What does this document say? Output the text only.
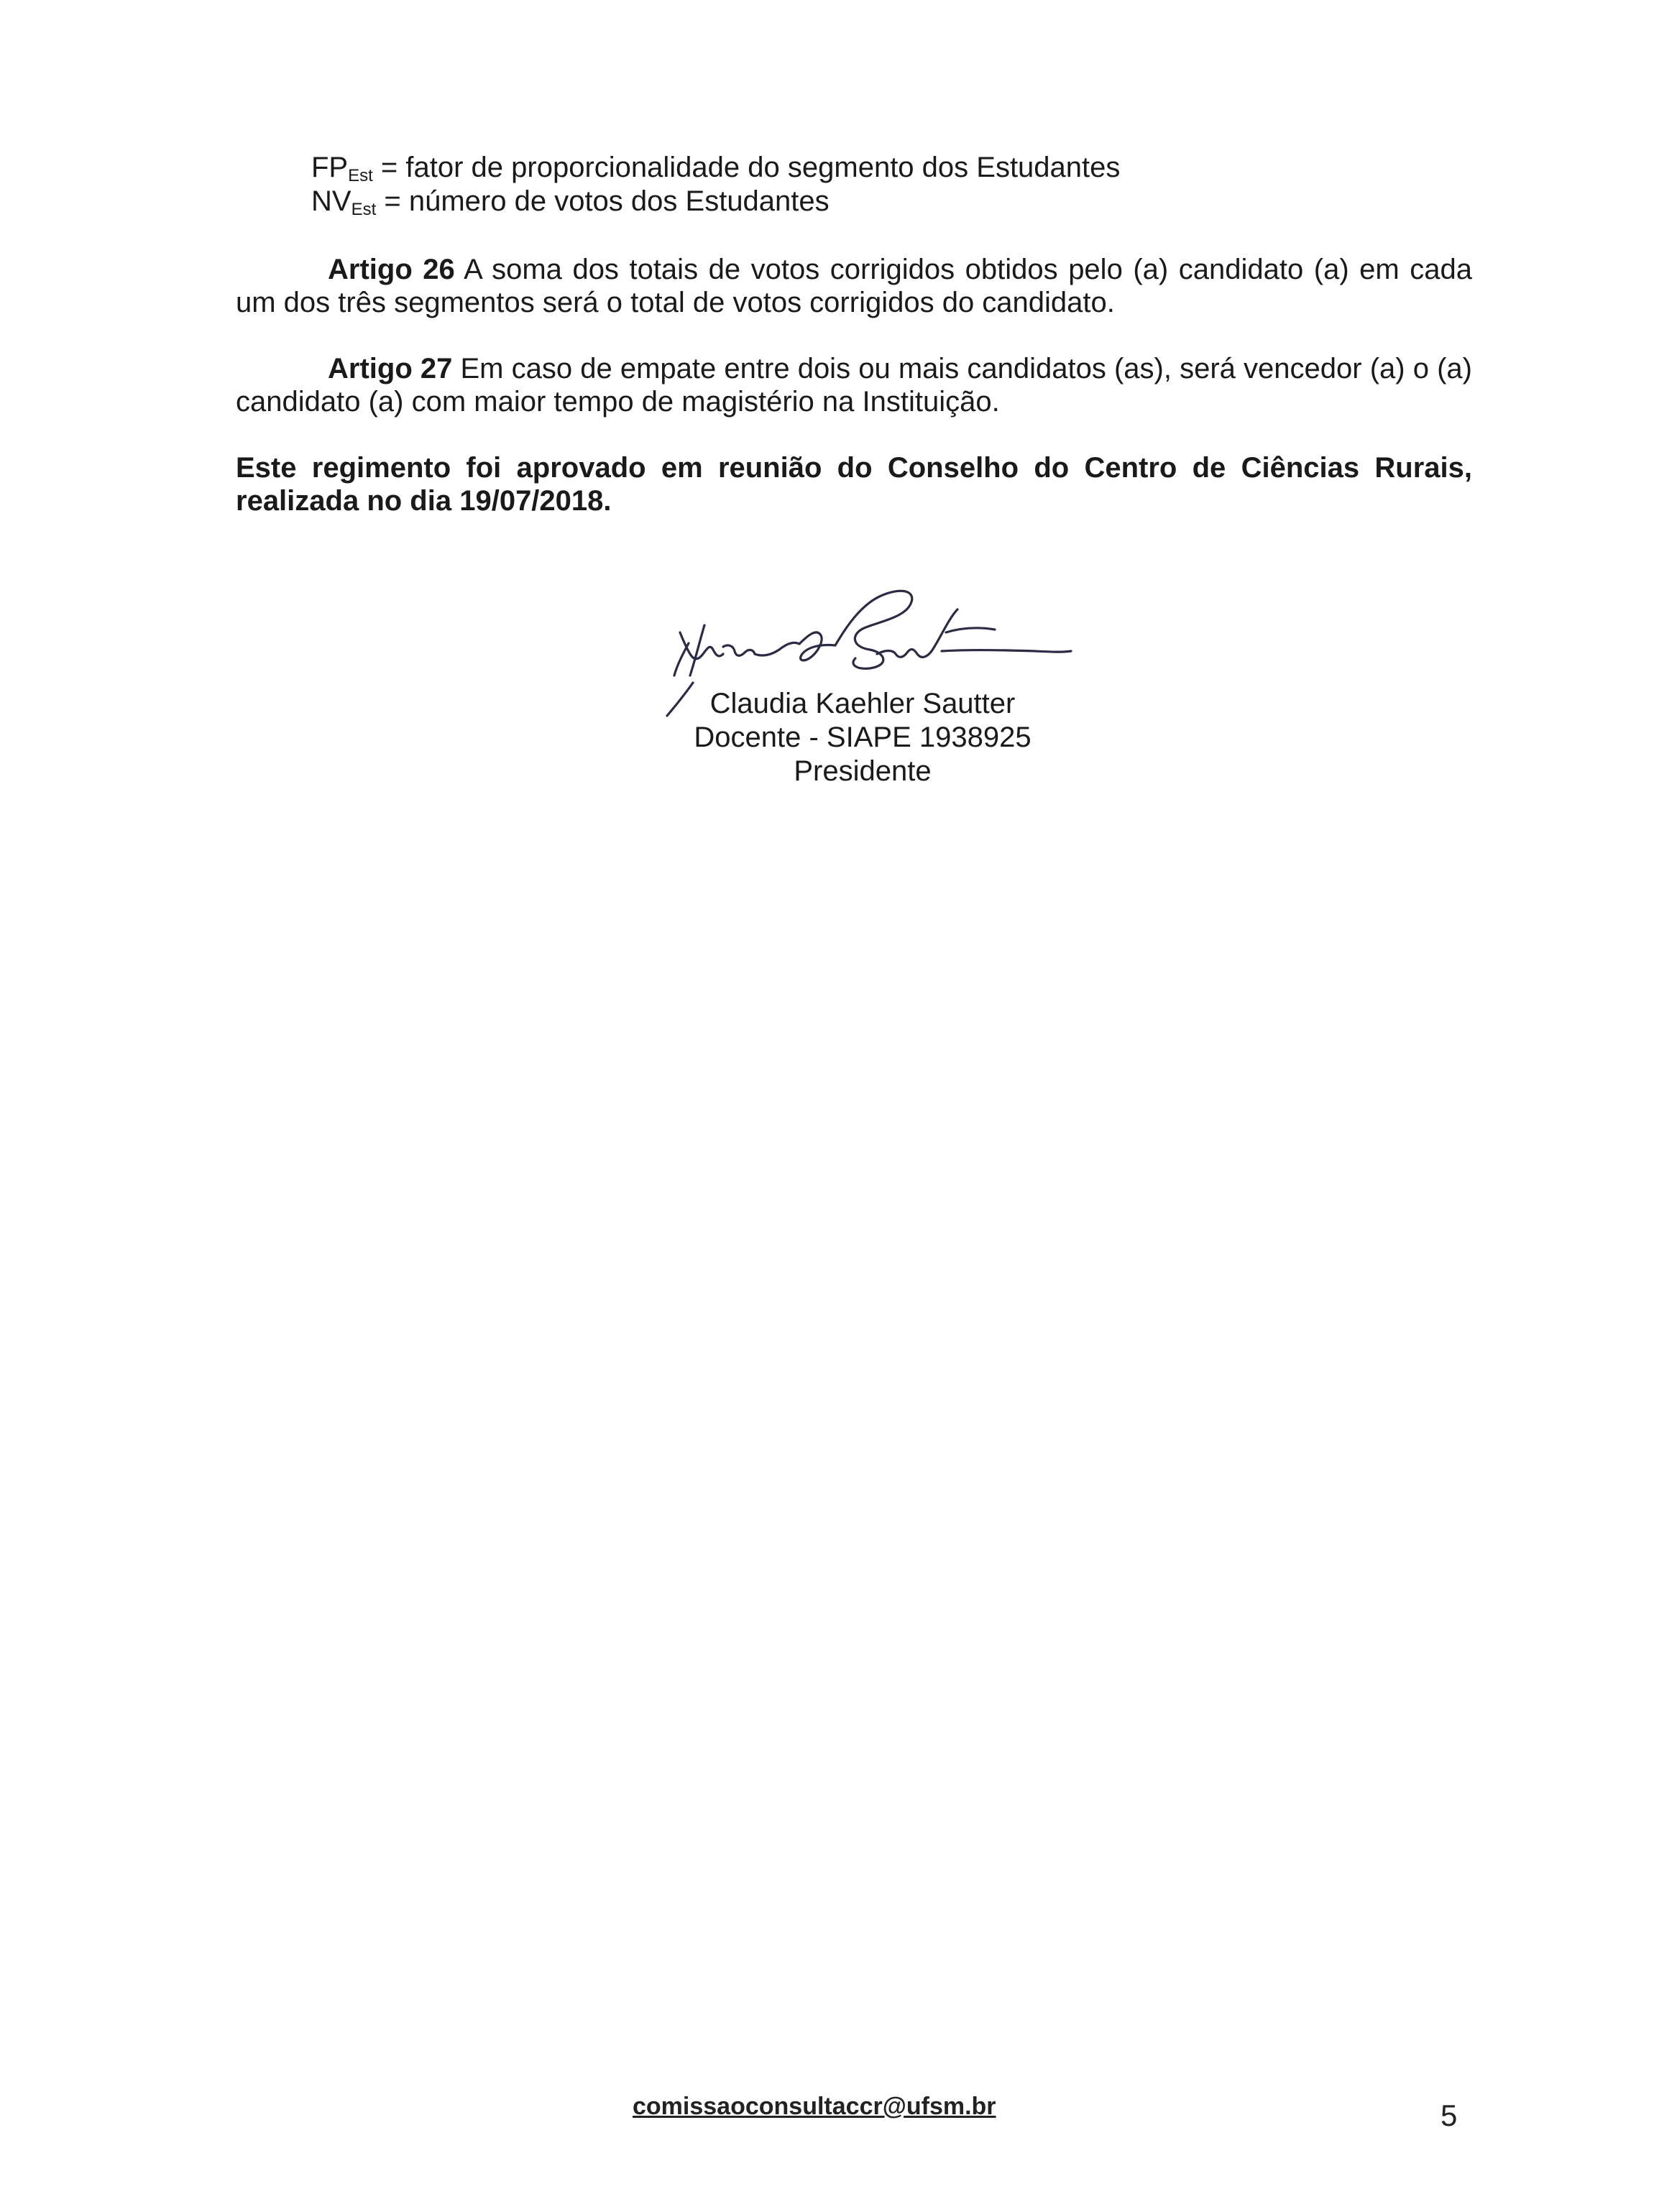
$FP_{Est}$ = fator de proporcionalidade do segmento dos Estudantes
$NV_{Est}$ = número de votos dos Estudantes
Artigo 26 A soma dos totais de votos corrigidos obtidos pelo (a) candidato (a) em cada um dos três segmentos será o total de votos corrigidos do candidato.
Artigo 27 Em caso de empate entre dois ou mais candidatos (as), será vencedor (a) o (a) candidato (a) com maior tempo de magistério na Instituição.
Este regimento foi aprovado em reunião do Conselho do Centro de Ciências Rurais, realizada no dia 19/07/2018.
Claudia Kaehler Sautter
Docente - SIAPE 1938925
Presidente
comissaoconsultaccr@ufsm.br	5
